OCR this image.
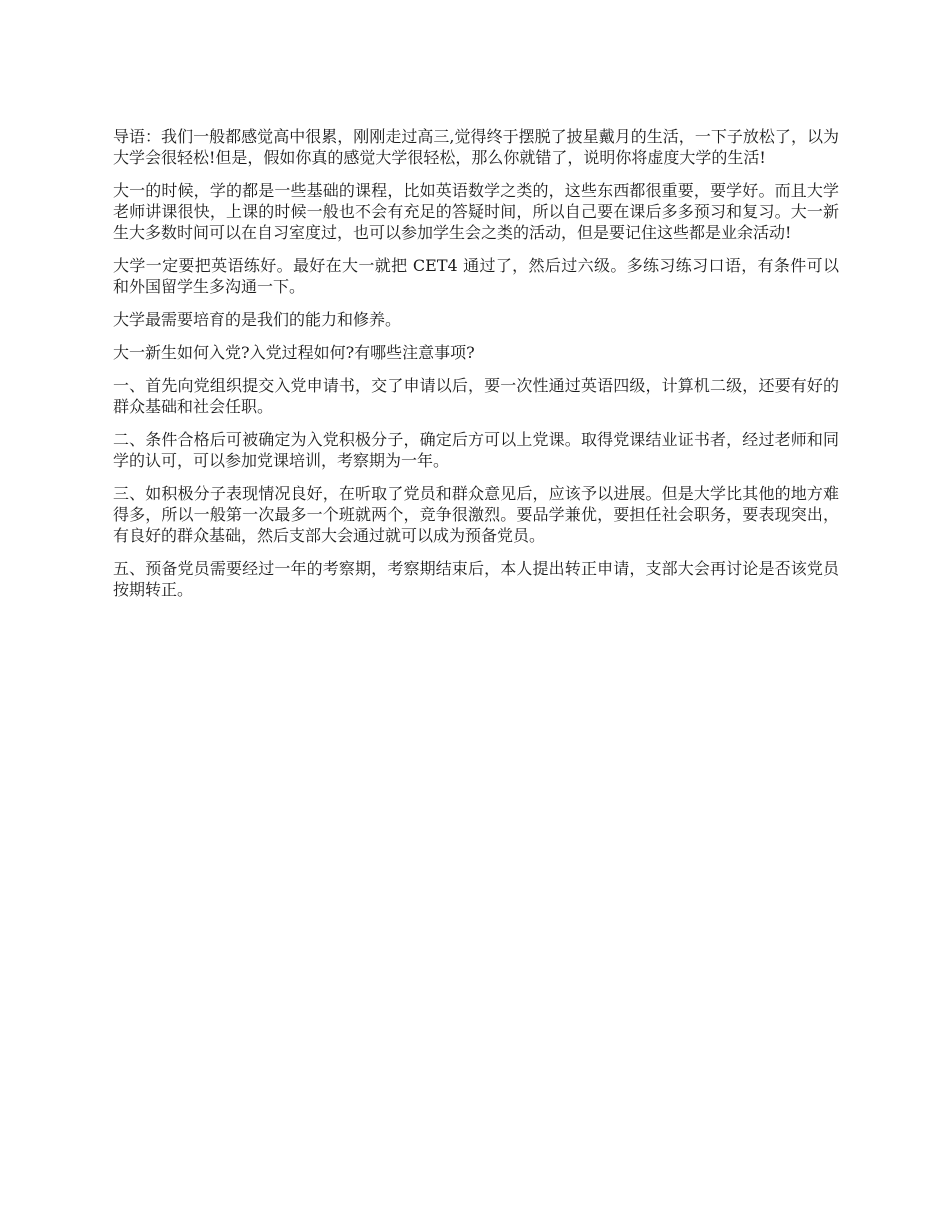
导语：我们一般都感觉高中很累，刚刚走过高三,觉得终于摆脱了披星戴月的生活，一下子放松了，以为大学会很轻松!但是，假如你真的感觉大学很轻松，那么你就错了，说明你将虚度大学的生活!

大一的时候，学的都是一些基础的课程，比如英语数学之类的，这些东西都很重要，要学好。而且大学老师讲课很快，上课的时候一般也不会有充足的答疑时间，所以自己要在课后多多预习和复习。大一新生大多数时间可以在自习室度过，也可以参加学生会之类的活动，但是要记住这些都是业余活动!

大学一定要把英语练好。最好在大一就把 CET4 通过了，然后过六级。多练习练习口语，有条件可以和外国留学生多沟通一下。

大学最需要培育的是我们的能力和修养。

大一新生如何入党?入党过程如何?有哪些注意事项?

一、首先向党组织提交入党申请书，交了申请以后，要一次性通过英语四级，计算机二级，还要有好的群众基础和社会任职。

二、条件合格后可被确定为入党积极分子，确定后方可以上党课。取得党课结业证书者，经过老师和同学的认可，可以参加党课培训，考察期为一年。

三、如积极分子表现情况良好，在听取了党员和群众意见后，应该予以进展。但是大学比其他的地方难得多，所以一般第一次最多一个班就两个，竞争很激烈。要品学兼优，要担任社会职务，要表现突出，有良好的群众基础，然后支部大会通过就可以成为预备党员。

五、预备党员需要经过一年的考察期，考察期结束后，本人提出转正申请，支部大会再讨论是否该党员按期转正。
